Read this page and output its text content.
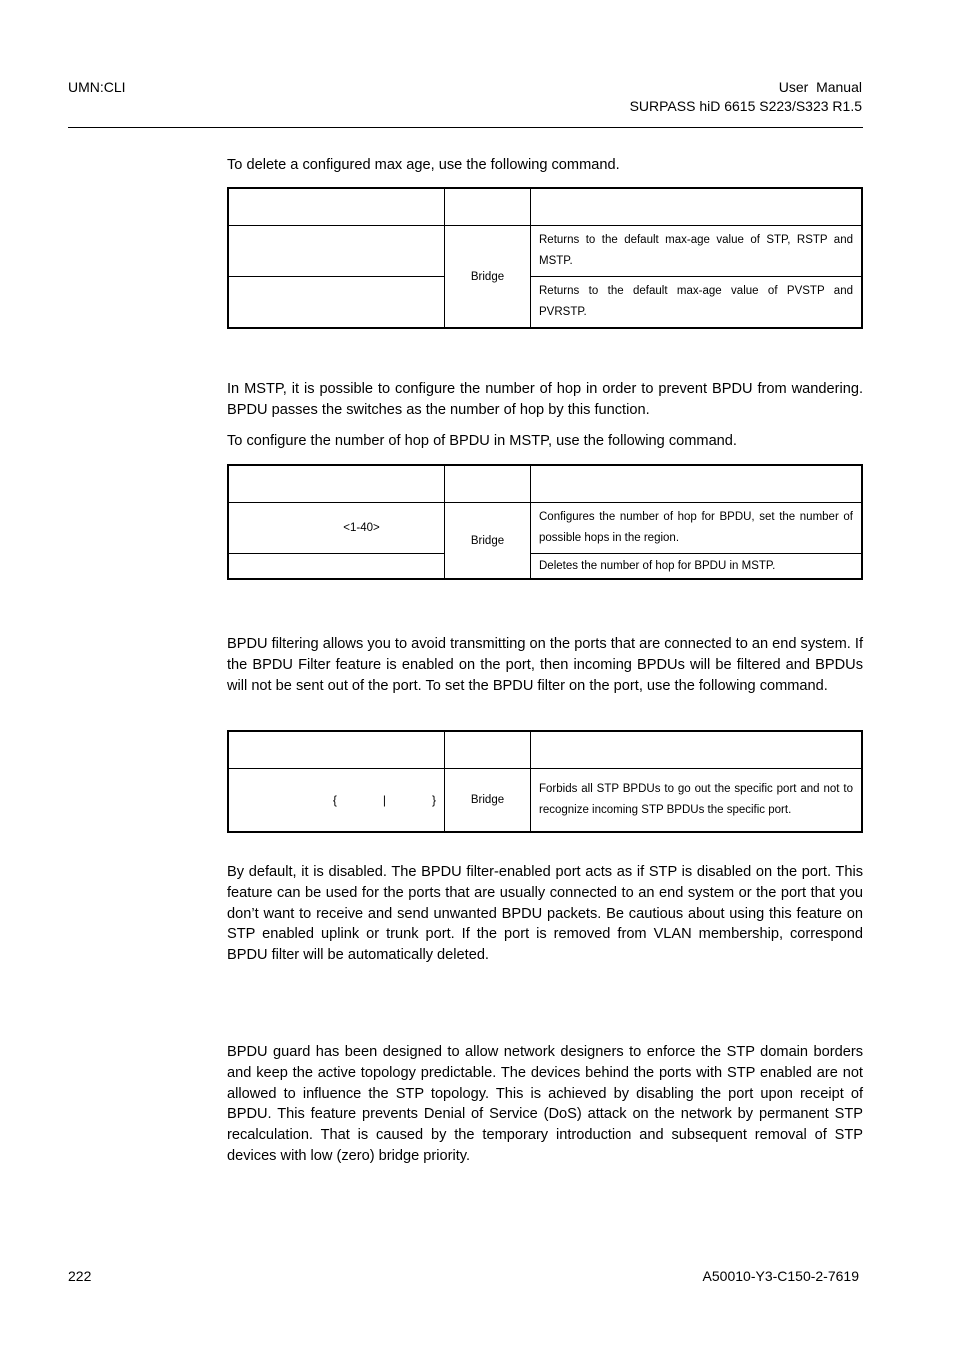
UMN:CLI	User  Manual
SURPASS hiD 6615 S223/S323 R1.5
To delete a configured max age, use the following command.

	Bridge	Returns to the default max-age value of STP, RSTP and MSTP.
		Returns to the default max-age value of PVSTP and PVRSTP.
In MSTP, it is possible to configure the number of hop in order to prevent BPDU from wandering. BPDU passes the switches as the number of hop by this function.
To configure the number of hop of BPDU in MSTP, use the following command.

<1-40>	Bridge	Configures the number of hop for BPDU, set the number of possible hops in the region.
		Deletes the number of hop for BPDU in MSTP.
BPDU filtering allows you to avoid transmitting on the ports that are connected to an end system. If the BPDU Filter feature is enabled on the port, then incoming BPDUs will be filtered and BPDUs will not be sent out of the port. To set the BPDU filter on the port, use the following command.

{ | }	Bridge	Forbids all STP BPDUs to go out the specific port and not to recognize incoming STP BPDUs the specific port.
By default, it is disabled. The BPDU filter-enabled port acts as if STP is disabled on the port. This feature can be used for the ports that are usually connected to an end system or the port that you don’t want to receive and send unwanted BPDU packets. Be cautious about using this feature on STP enabled uplink or trunk port. If the port is removed from VLAN membership, correspond BPDU filter will be automatically deleted.
BPDU guard has been designed to allow network designers to enforce the STP domain borders and keep the active topology predictable. The devices behind the ports with STP enabled are not allowed to influence the STP topology. This is achieved by disabling the port upon receipt of BPDU. This feature prevents Denial of Service (DoS) attack on the network by permanent STP recalculation. That is caused by the temporary introduction and subsequent removal of STP devices with low (zero) bridge priority.
222	A50010-Y3-C150-2-7619
